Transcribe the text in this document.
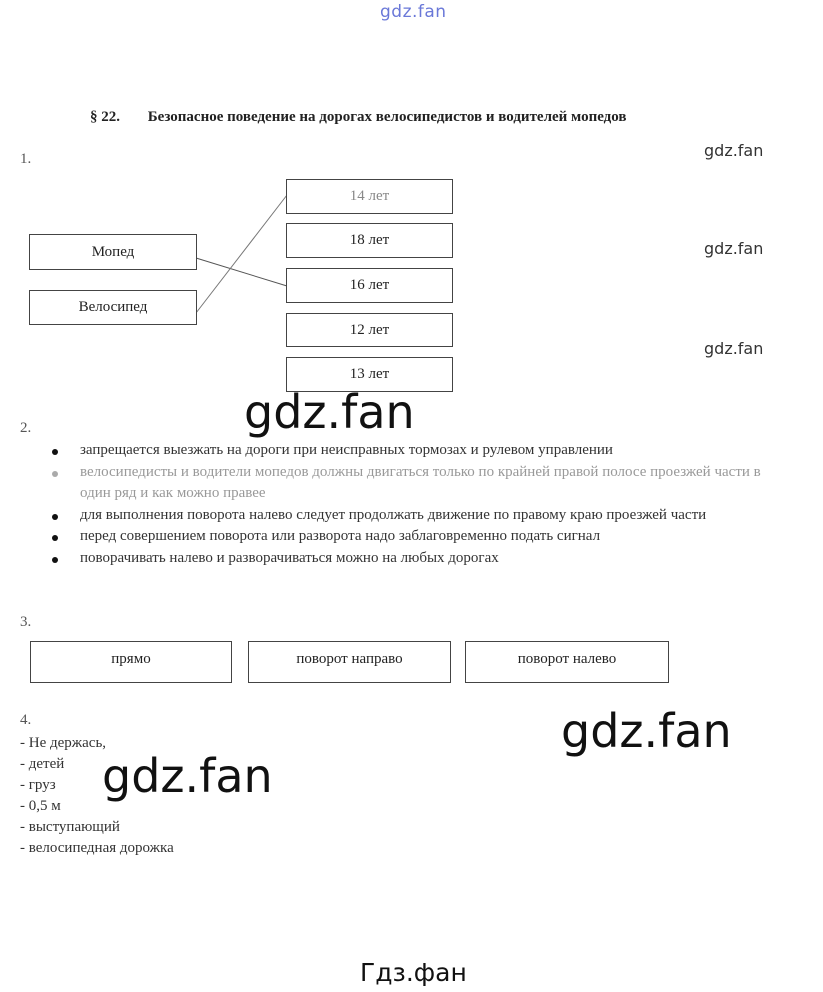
gdz.fan
gdz.fan
gdz.fan
gdz.fan
§ 22. Безопасное поведение на дорогах велосипедистов и водителей мопедов
1.
Мопед
Велосипед
14 лет
18 лет
16 лет
12 лет
13 лет
gdz.fan
2.
запрещается выезжать на дороги при неисправных тормозах и рулевом управлении
велосипедисты и водители мопедов должны двигаться только по крайней правой полосе проезжей части в один ряд и как можно правее
для выполнения поворота налево следует продолжать движение по правому краю проезжей части
перед совершением поворота или разворота надо заблаговременно подать сигнал
поворачивать налево и разворачиваться можно на любых дорогах
3.
прямо	поворот направо	поворот налево
4.
- Не держась,
- детей
- груз
- 0,5 м
- выступающий
- велосипедная дорожка
gdz.fan
gdz.fan
Гдз.фан
